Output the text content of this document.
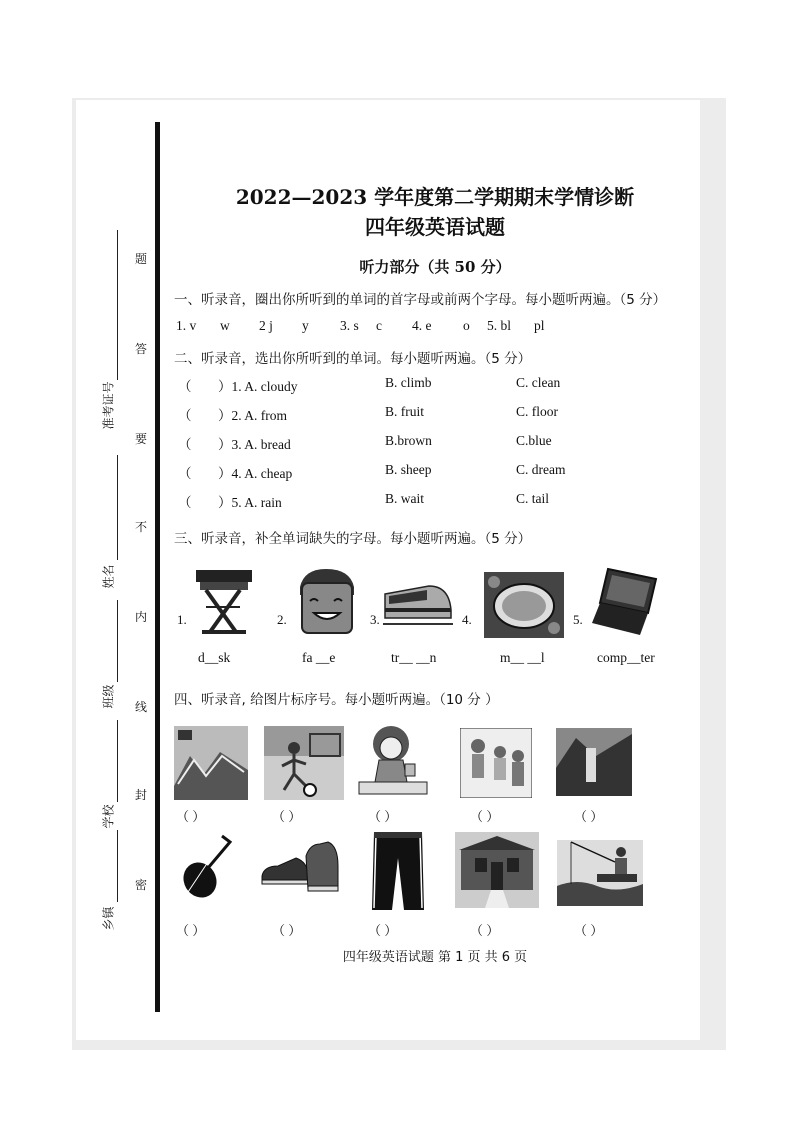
乡镇
学校
班级
姓名
准考证号
密
封
线
内
不
要
答
题
2022—2023 学年度第二学期期末学情诊断
四年级英语试题
听力部分（共 50 分）
一、听录音，圈出你所听到的单词的首字母或前两个字母。每小题听两遍。（5 分）
1. v w 2 j y 3. s c 4. e o 5. bl pl
二、听录音，选出你所听到的单词。每小题听两遍。（5 分）
（ ）1. A. cloudy	B. climb	C. clean
（ ）2. A. from	B. fruit	C. floor
（ ）3. A. bread	B.brown	C.blue
（ ）4. A. cheap	B. sheep	C. dream
（ ）5. A. rain	B. wait	C. tail
三、听录音，补全单词缺失的字母。每小题听两遍。（5 分）
1.	2.	3.	4.	5.
d__sk	fa __e	tr__ __n	m__ __l	comp__ter
四、听录音, 给图片标序号。每小题听两遍。（10 分 ）
（ ）	（ ）	（ ）	（ ）	（ ）
（ ）	（ ）	（ ）	（ ）	（ ）
四年级英语试题 第 1 页 共 6 页
